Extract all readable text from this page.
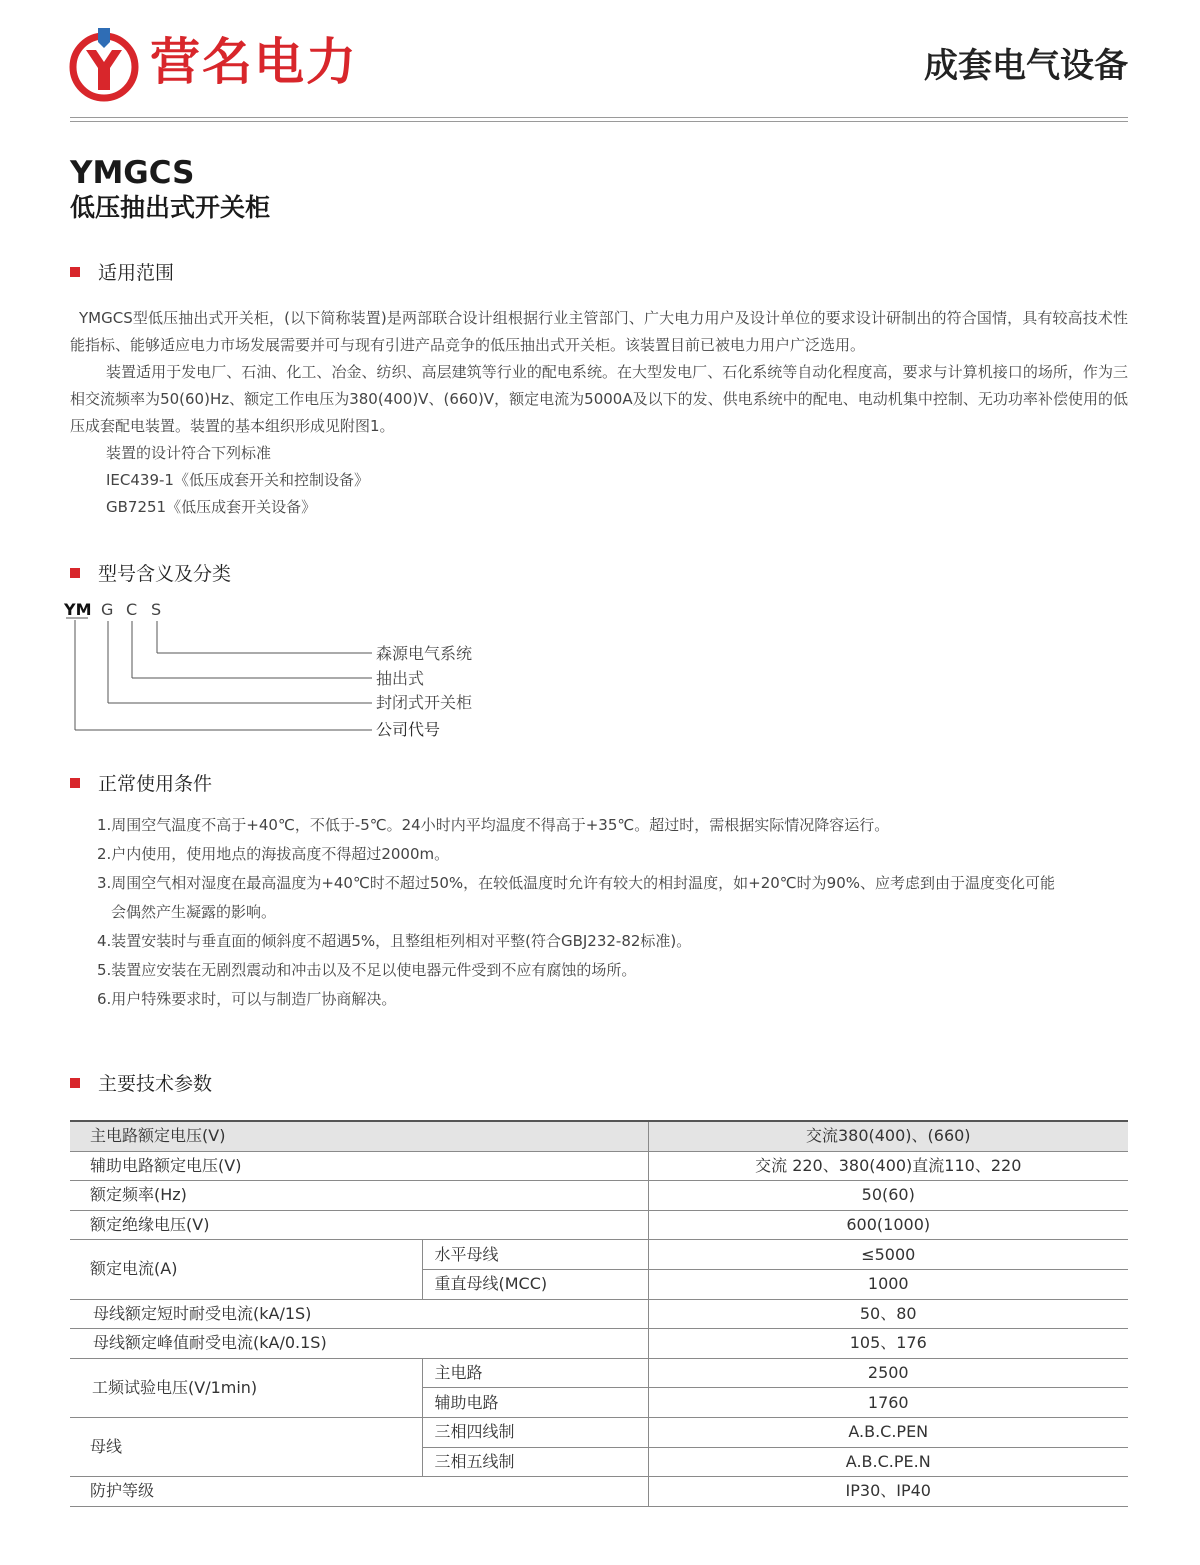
营名电力	成套电气设备
YMGCS
低压抽出式开关柜
适用范围

YMGCS型低压抽出式开关柜，(以下简称装置)是两部联合设计组根据行业主管部门、广大电力用户及设计单位的要求设计研制出的符合国情，具有较高技术性能指标、能够适应电力市场发展需要并可与现有引进产品竞争的低压抽出式开关柜。该装置目前已被电力用户广泛选用。

装置适用于发电厂、石油、化工、冶金、纺织、高层建筑等行业的配电系统。在大型发电厂、石化系统等自动化程度高，要求与计算机接口的场所，作为三相交流频率为50(60)Hz、额定工作电压为380(400)V、(660)V，额定电流为5000A及以下的发、供电系统中的配电、电动机集中控制、无功功率补偿使用的低压成套配电装置。装置的基本组织形成见附图1。

装置的设计符合下列标准

IEC439-1《低压成套开关和控制设备》

GB7251《低压成套开关设备》

型号含义及分类
YM G C S
森源电气系统
抽出式
封闭式开关柜
公司代号
正常使用条件

1.周围空气温度不高于+40℃，不低于-5℃。24小时内平均温度不得高于+35℃。超过时，需根据实际情况降容运行。

2.户内使用，使用地点的海拔高度不得超过2000m。

3.周围空气相对湿度在最高温度为+40℃时不超过50%，在较低温度时允许有较大的相封温度，如+20℃时为90%、应考虑到由于温度变化可能

会偶然产生凝露的影响。

4.装置安装时与垂直面的倾斜度不超遇5%，且整组柜列相对平整(符合GBJ232-82标准)。

5.装置应安装在无剧烈震动和冲击以及不足以使电器元件受到不应有腐蚀的场所。

6.用户特殊要求时，可以与制造厂协商解决。

主要技术参数
主电路额定电压(V)		交流380(400)、(660)
辅助电路额定电压(V)		交流 220、380(400)直流110、220
额定频率(Hz)		50(60)
额定绝缘电压(V)		600(1000)
额定电流(A)	水平母线	≤5000
	重直母线(MCC)	1000
母线额定短时耐受电流(kA/1S)		50、80
母线额定峰值耐受电流(kA/0.1S)		105、176
工频试验电压(V/1min)	主电路	2500
	辅助电路	1760
母线	三相四线制	A.B.C.PEN
	三相五线制	A.B.C.PE.N
防护等级		IP30、IP40
